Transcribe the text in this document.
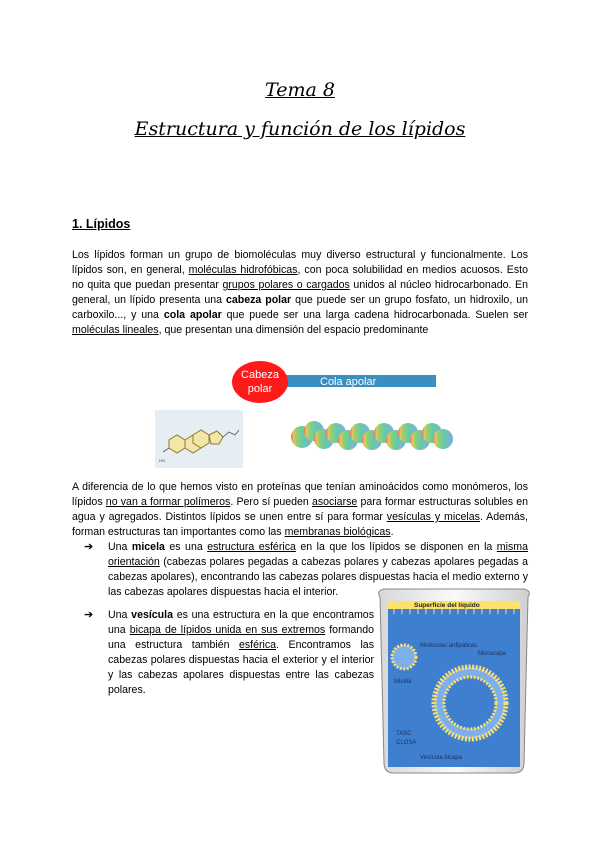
Tema 8
Estructura y función de los lípidos
1. Lípidos
Los lípidos forman un grupo de biomoléculas muy diverso estructural y funcionalmente. Los lípidos son, en general, moléculas hidrofóbicas, con poca solubilidad en medios acuosos. Esto no quita que puedan presentar grupos polares o cargados unidos al núcleo hidrocarbonado. En general, un lípido presenta una cabeza polar que puede ser un grupo fosfato, un hidroxilo, un carboxilo..., y una cola apolar que puede ser una larga cadena hidrocarbonada. Suelen ser moléculas lineales, que presentan una dimensión del espacio predominante
Cola apolar
Cabeza
polar
HO
A diferencia de lo que hemos visto en proteínas que tenían aminoácidos como monómeros, los lípidos no van a formar polímeros. Pero sí pueden asociarse para formar estructuras solubles en agua y agregados. Distintos lípidos se unen entre sí para formar vesículas y micelas. Además, forman estructuras tan importantes como las membranas biológicas.
➔ Una micela es una estructura esférica en la que los lípidos se disponen en la misma orientación (cabezas polares pegadas a cabezas polares y cabezas apolares pegadas a cabezas apolares), encontrando las cabezas polares dispuestas hacia el medio externo y las cabezas apolares dispuestas hacia el interior.
➔ Una vesícula es una estructura en la que encontramos una bicapa de lípidos unida en sus extremos formando una estructura también esférica. Encontramos las cabezas polares dispuestas hacia el exterior y el interior y las cabezas apolares dispuestas entre las cabezas polares.
Superficie del líquido
Moléculas anfipáticas
Monocapa
Micela
TASC
CLOSA
Vesícula bicapa
